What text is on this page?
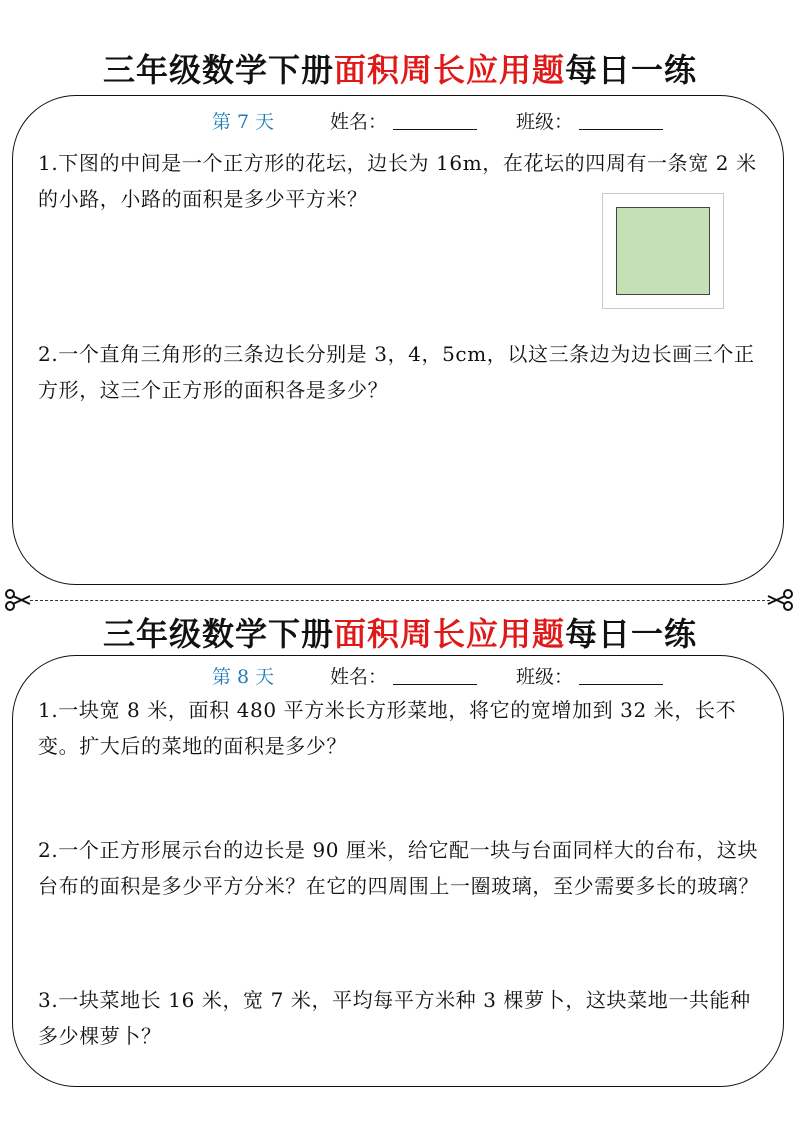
三年级数学下册面积周长应用题每日一练
第 7 天	姓名：	班级：
1.下图的中间是一个正方形的花坛，边长为 16m，在花坛的四周有一条宽 2 米的小路，小路的面积是多少平方米？
2.一个直角三角形的三条边长分别是 3，4，5cm，以这三条边为边长画三个正方形，这三个正方形的面积各是多少？
三年级数学下册面积周长应用题每日一练
第 8 天	姓名：	班级：
1.一块宽 8 米，面积 480 平方米长方形菜地，将它的宽增加到 32 米，长不变。扩大后的菜地的面积是多少？
2.一个正方形展示台的边长是 90 厘米，给它配一块与台面同样大的台布，这块台布的面积是多少平方分米？在它的四周围上一圈玻璃，至少需要多长的玻璃？
3.一块菜地长 16 米，宽 7 米，平均每平方米种 3 棵萝卜，这块菜地一共能种多少棵萝卜？
